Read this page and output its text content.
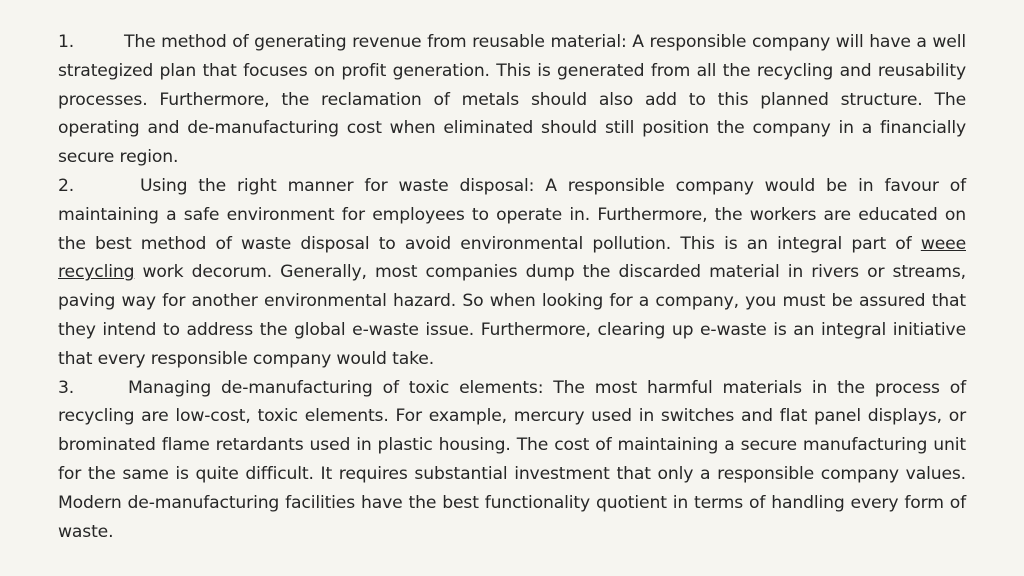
1.	The method of generating revenue from reusable material: A responsible company will have a well strategized plan that focuses on profit generation. This is generated from all the recycling and reusability processes. Furthermore, the reclamation of metals should also add to this planned structure. The operating and de-manufacturing cost when eliminated should still position the company in a financially secure region.

2.	Using the right manner for waste disposal: A responsible company would be in favour of maintaining a safe environment for employees to operate in. Furthermore, the workers are educated on the best method of waste disposal to avoid environmental pollution. This is an integral part of weee recycling work decorum. Generally, most companies dump the discarded material in rivers or streams, paving way for another environmental hazard. So when looking for a company, you must be assured that they intend to address the global e-waste issue. Furthermore, clearing up e-waste is an integral initiative that every responsible company would take.

3.	Managing de-manufacturing of toxic elements: The most harmful materials in the process of recycling are low-cost, toxic elements. For example, mercury used in switches and flat panel displays, or brominated flame retardants used in plastic housing. The cost of maintaining a secure manufacturing unit for the same is quite difficult. It requires substantial investment that only a responsible company values. Modern de-manufacturing facilities have the best functionality quotient in terms of handling every form of waste.
